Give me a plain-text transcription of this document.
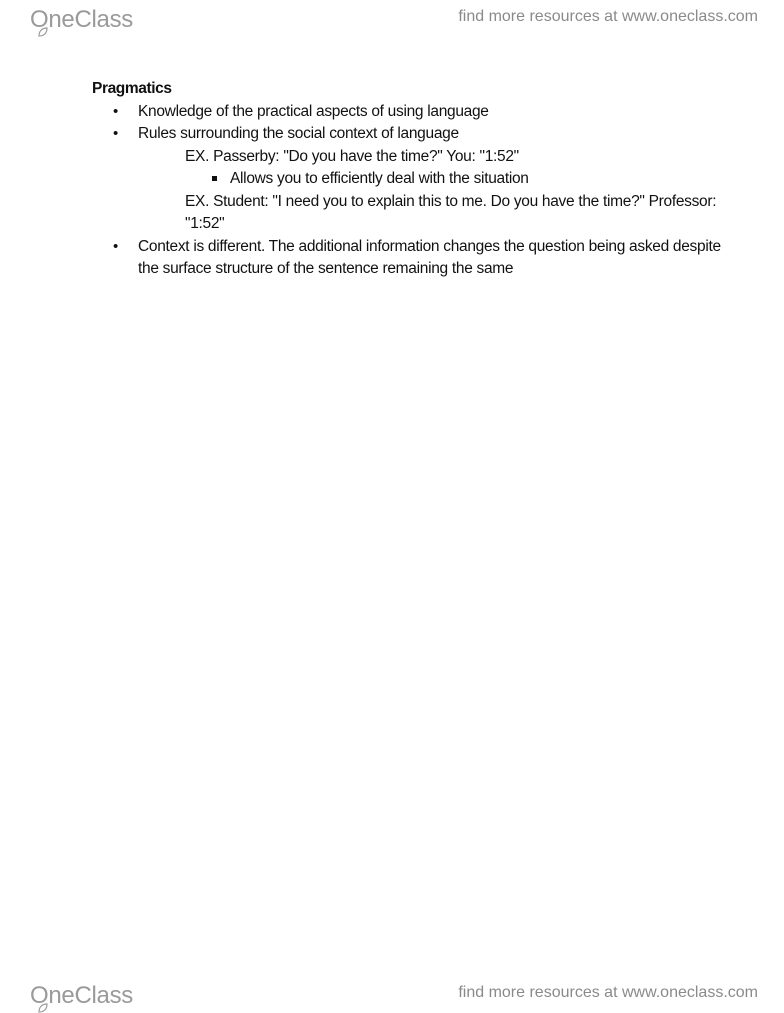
OneClass	find more resources at www.oneclass.com
Pragmatics
• Knowledge of the practical aspects of using language
• Rules surrounding the social context of language
EX. Passerby: "Do you have the time?" You: "1:52"
Allows you to efficiently deal with the situation
EX. Student: "I need you to explain this to me. Do you have the time?" Professor: "1:52"
• Context is different. The additional information changes the question being asked despite the surface structure of the sentence remaining the same
OneClass	find more resources at www.oneclass.com
